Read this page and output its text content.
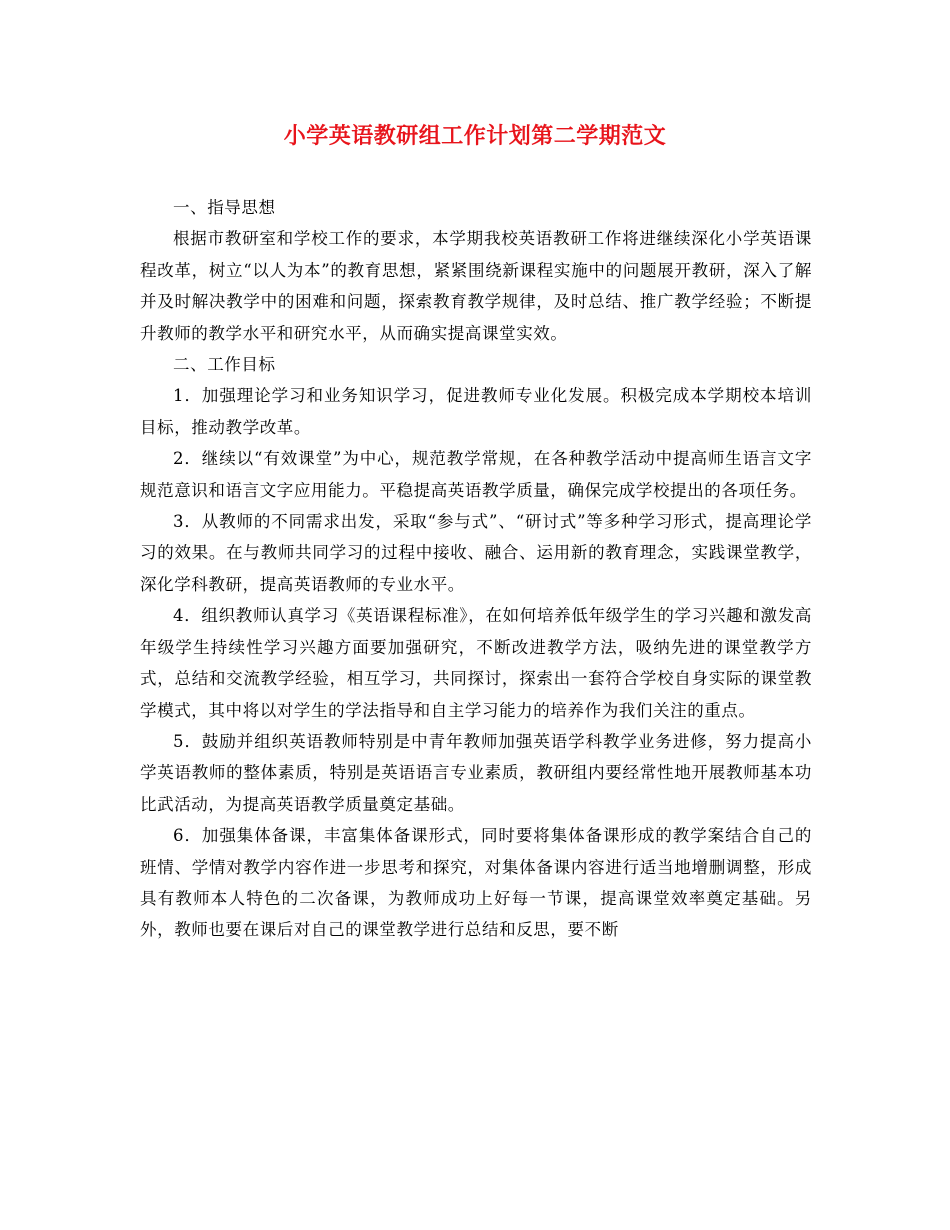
小学英语教研组工作计划第二学期范文

一、指导思想

根据市教研室和学校工作的要求，本学期我校英语教研工作将进继续深化小学英语课程改革，树立“以人为本”的教育思想，紧紧围绕新课程实施中的问题展开教研，深入了解并及时解决教学中的困难和问题，探索教育教学规律，及时总结、推广教学经验；不断提升教师的教学水平和研究水平，从而确实提高课堂实效。

二、工作目标

1．加强理论学习和业务知识学习，促进教师专业化发展。积极完成本学期校本培训目标，推动教学改革。

2．继续以“有效课堂”为中心，规范教学常规，在各种教学活动中提高师生语言文字规范意识和语言文字应用能力。平稳提高英语教学质量，确保完成学校提出的各项任务。

3．从教师的不同需求出发，采取“参与式”、“研讨式”等多种学习形式，提高理论学习的效果。在与教师共同学习的过程中接收、融合、运用新的教育理念，实践课堂教学，深化学科教研，提高英语教师的专业水平。

4．组织教师认真学习《英语课程标准》，在如何培养低年级学生的学习兴趣和激发高年级学生持续性学习兴趣方面要加强研究，不断改进教学方法，吸纳先进的课堂教学方式，总结和交流教学经验，相互学习，共同探讨，探索出一套符合学校自身实际的课堂教学模式，其中将以对学生的学法指导和自主学习能力的培养作为我们关注的重点。

5．鼓励并组织英语教师特别是中青年教师加强英语学科教学业务进修，努力提高小学英语教师的整体素质，特别是英语语言专业素质，教研组内要经常性地开展教师基本功比武活动，为提高英语教学质量奠定基础。

6．加强集体备课，丰富集体备课形式，同时要将集体备课形成的教学案结合自己的班情、学情对教学内容作进一步思考和探究，对集体备课内容进行适当地增删调整，形成具有教师本人特色的二次备课，为教师成功上好每一节课，提高课堂效率奠定基础。另外，教师也要在课后对自己的课堂教学进行总结和反思，要不断
